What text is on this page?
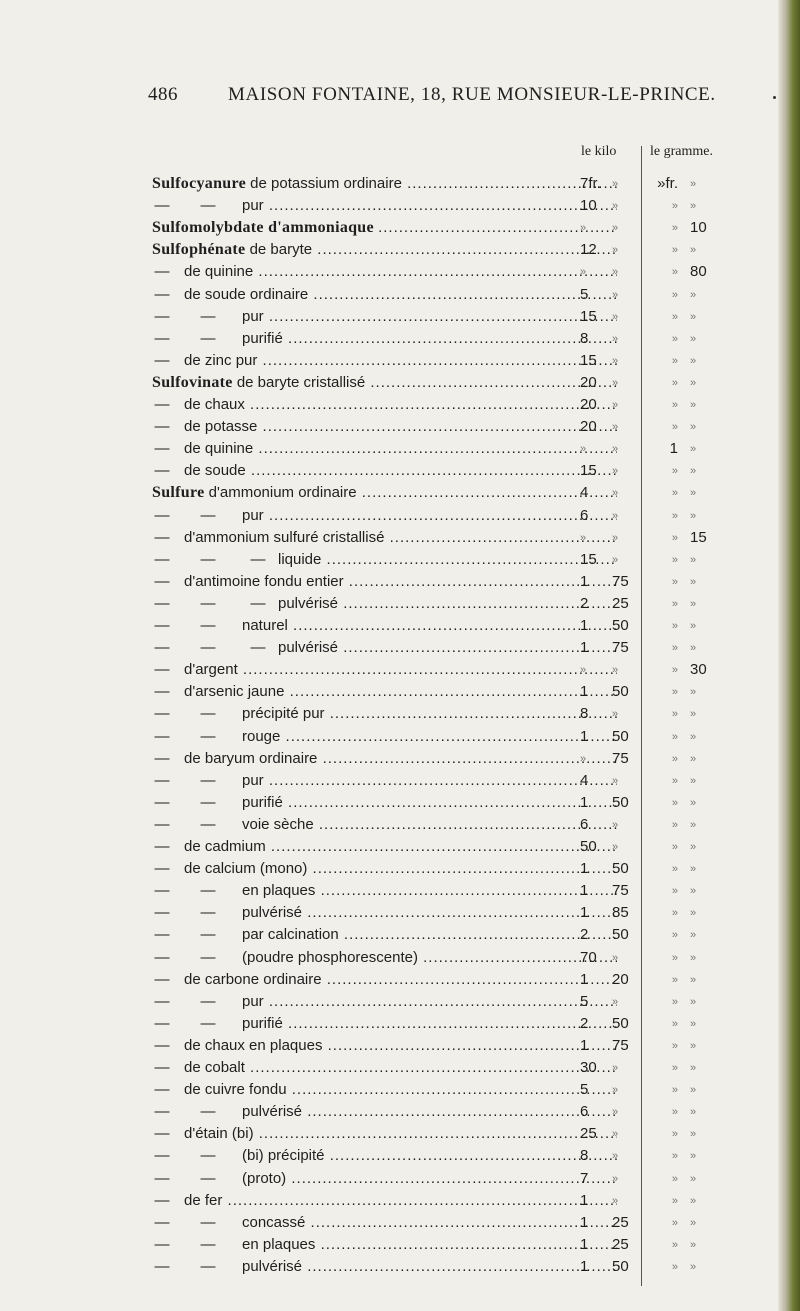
486	MAISON FONTAINE, 18, RUE MONSIEUR-LE-PRINCE.
le kilo le gramme.
Sulfocyanure de potassium ordinaire .....	7fr.	»	»fr. »
— — pur .....	10	»	» »
Sulfomolybdate d'ammoniaque .....	»	»	» 10
Sulfophénate de baryte .....	12	»	» »
— de quinine .....	»	»	» 80
— de soude ordinaire .....	5	»	» »
— — pur .....	15	»	» »
— — purifié .....	8	»	» »
— de zinc pur .....	15	»	» »
Sulfovinate de baryte cristallisé .....	20	»	» »
— de chaux .....	20	»	» »
— de potasse .....	20	»	» »
— de quinine .....	»	»	1 »
— de soude .....	15	»	» »
Sulfure d'ammonium ordinaire .....	4	»	» »
— — pur .....	6	»	» »
— d'ammonium sulfuré cristallisé .....	»	»	» 15
— — — liquide .....	15	»	» »
— d'antimoine fondu entier .....	1	75	» »
— — — pulvérisé .....	2	25	» »
— — naturel .....	1	50	» »
— — — pulvérisé .....	1	75	» »
— d'argent .....	»	»	» 30
— d'arsenic jaune .....	1	50	» »
— — précipité pur .....	8	»	» »
— — rouge .....	1	50	» »
— de baryum ordinaire .....	»	75	» »
— — pur .....	4	»	» »
— — purifié .....	1	50	» »
— — voie sèche .....	6	»	» »
— de cadmium .....	50	»	» »
— de calcium (mono) .....	1	50	» »
— — en plaques .....	1	75	» »
— — pulvérisé .....	1	85	» »
— — par calcination .....	2	50	» »
— — (poudre phosphorescente) .....	70	»	» »
— de carbone ordinaire .....	1	20	» »
— — pur .....	5	»	» »
— — purifié .....	2	50	» »
— de chaux en plaques .....	1	75	» »
— de cobalt .....	30	»	» »
— de cuivre fondu .....	5	»	» »
— — pulvérisé .....	6	»	» »
— d'étain (bi) .....	25	»	» »
— — (bi) précipité .....	8	»	» »
— — (proto) .....	7	»	» »
— de fer .....	1	»	» »
— — concassé .....	1	25	» »
— — en plaques .....	1	25	» »
— — pulvérisé .....	1	50	» »
